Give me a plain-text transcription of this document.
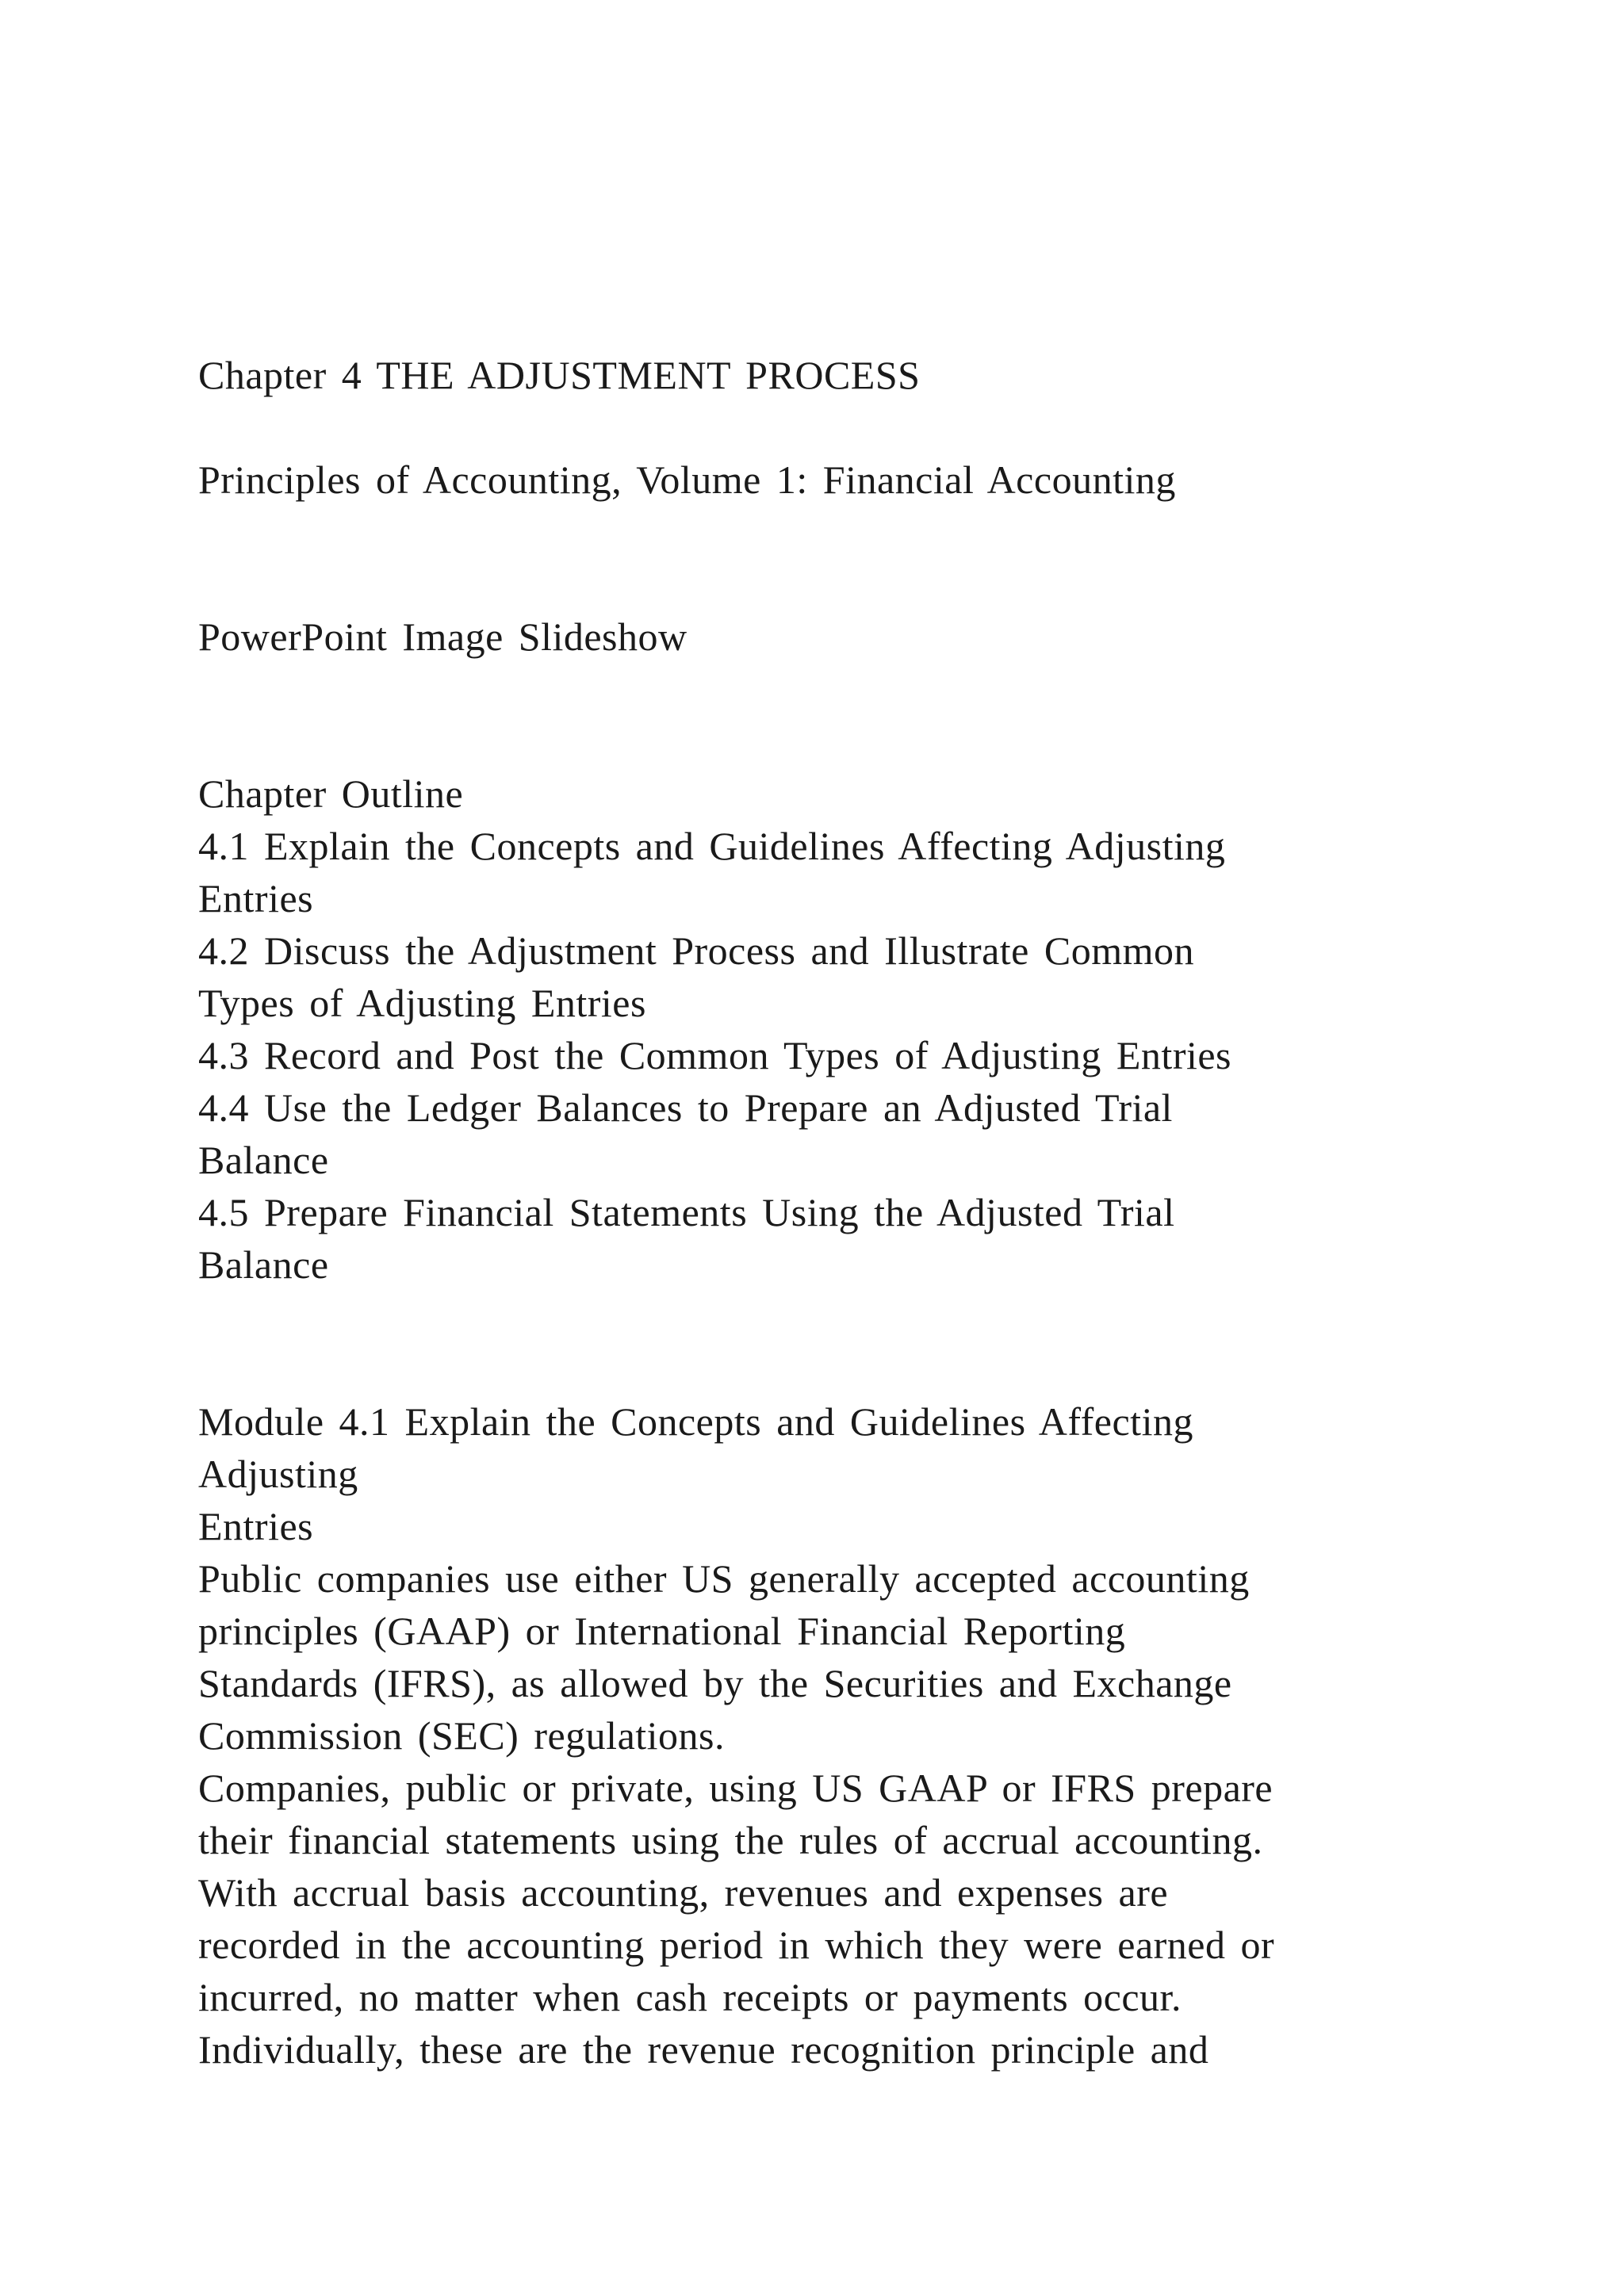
Chapter 4 THE ADJUSTMENT PROCESS
Principles of Accounting, Volume 1: Financial Accounting
PowerPoint Image Slideshow
Chapter Outline
4.1 Explain the Concepts and Guidelines Affecting Adjusting
Entries
4.2 Discuss the Adjustment Process and Illustrate Common
Types of Adjusting Entries
4.3 Record and Post the Common Types of Adjusting Entries
4.4 Use the Ledger Balances to Prepare an Adjusted Trial
Balance
4.5 Prepare Financial Statements Using the Adjusted Trial
Balance
Module 4.1 Explain the Concepts and Guidelines Affecting
Adjusting
Entries
Public companies use either US generally accepted accounting
principles (GAAP) or International Financial Reporting
Standards (IFRS), as allowed by the Securities and Exchange
Commission (SEC) regulations.
Companies, public or private, using US GAAP or IFRS prepare
their financial statements using the rules of accrual accounting.
With accrual basis accounting, revenues and expenses are
recorded in the accounting period in which they were earned or
incurred, no matter when cash receipts or payments occur.
Individually, these are the revenue recognition principle and
